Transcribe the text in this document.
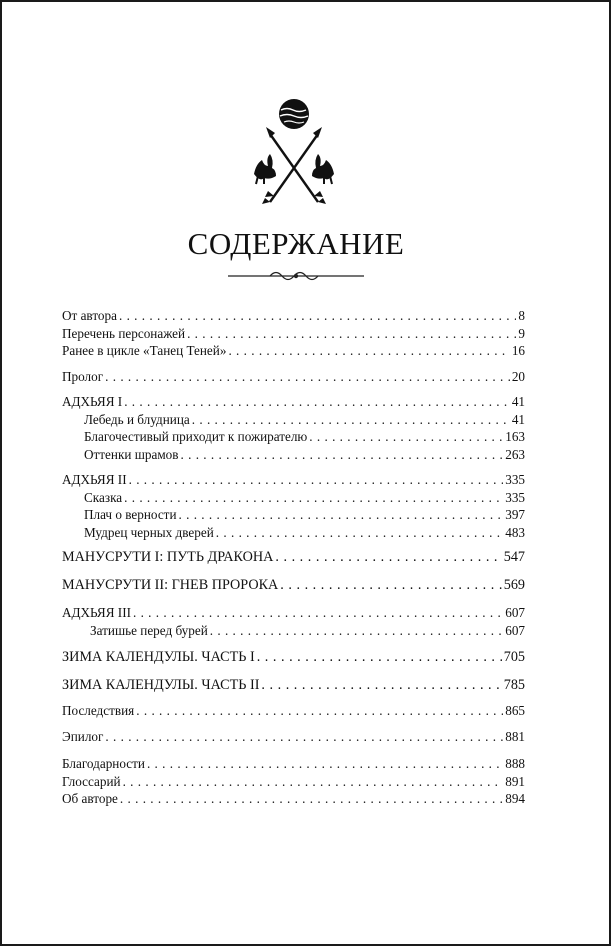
СОДЕРЖАНИЕ
От автора . . .	8
Перечень персонажей . . .	9
Ранее в цикле «Танец Теней» . . .	16
Пролог . . .	20
АДХЬЯЯ I . . .	41
Лебедь и блудница . . .	41
Благочестивый приходит к пожирателю . . .	163
Оттенки шрамов . . .	263
АДХЬЯЯ II . . .	335
Сказка . . .	335
Плач о верности . . .	397
Мудрец черных дверей . . .	483
МАНУСРУТИ I: ПУТЬ ДРАКОНА . . .	547
МАНУСРУТИ II: ГНЕВ ПРОРОКА . . .	569
АДХЬЯЯ III . . .	607
Затишье перед бурей . . .	607
ЗИМА КАЛЕНДУЛЫ. ЧАСТЬ I . . .	705
ЗИМА КАЛЕНДУЛЫ. ЧАСТЬ II . . .	785
Последствия . . .	865
Эпилог . . .	881
Благодарности . . .	888
Глоссарий . . .	891
Об авторе . . .	894
